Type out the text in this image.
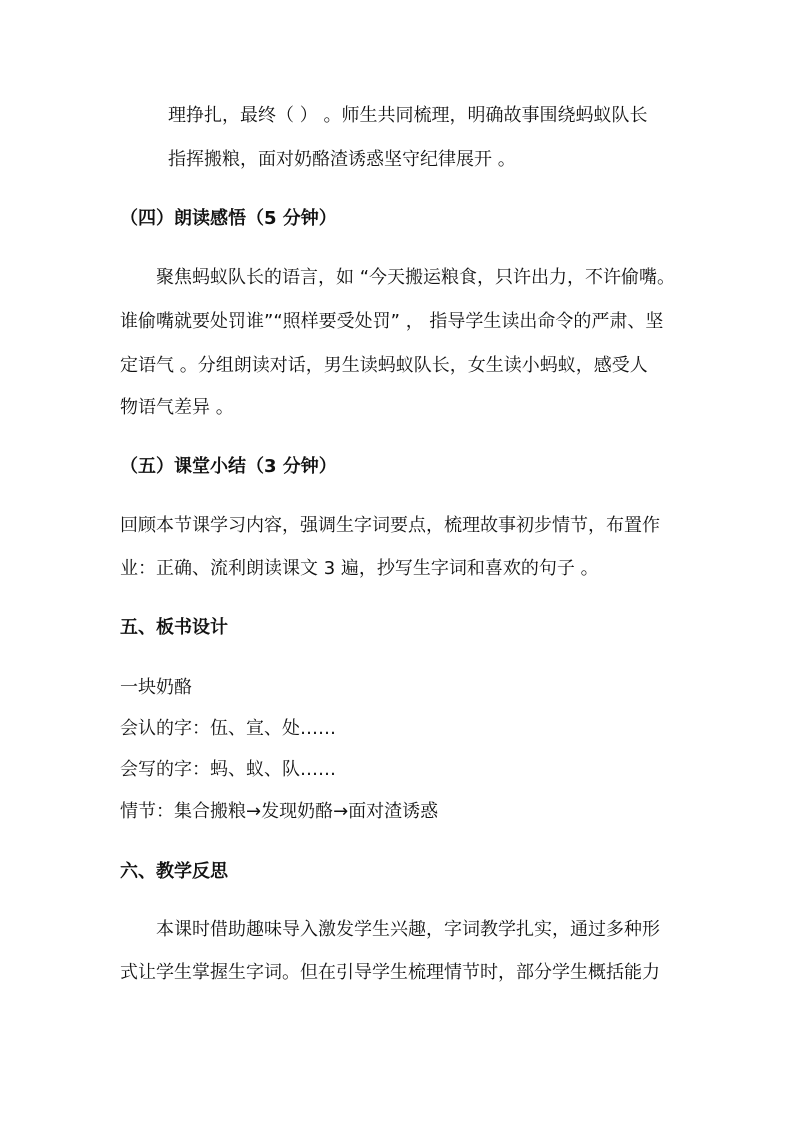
理挣扎，最终（ ） 。师生共同梳理，明确故事围绕蚂蚁队长
指挥搬粮，面对奶酪渣诱惑坚守纪律展开 。
（四）朗读感悟（5 分钟）
聚焦蚂蚁队长的语言，如 “今天搬运粮食，只许出力，不许偷嘴。
谁偷嘴就要处罚谁”“照样要受处罚” ， 指导学生读出命令的严肃、坚
定语气 。分组朗读对话，男生读蚂蚁队长，女生读小蚂蚁，感受人
物语气差异 。
（五）课堂小结（3 分钟）
回顾本节课学习内容，强调生字词要点，梳理故事初步情节，布置作
业：正确、流利朗读课文 3 遍，抄写生字词和喜欢的句子 。
五、板书设计
一块奶酪
会认的字：伍、宣、处……
会写的字：蚂、蚁、队……
情节：集合搬粮→发现奶酪→面对渣诱惑
六、教学反思
本课时借助趣味导入激发学生兴趣，字词教学扎实，通过多种形
式让学生掌握生字词。但在引导学生梳理情节时，部分学生概括能力
